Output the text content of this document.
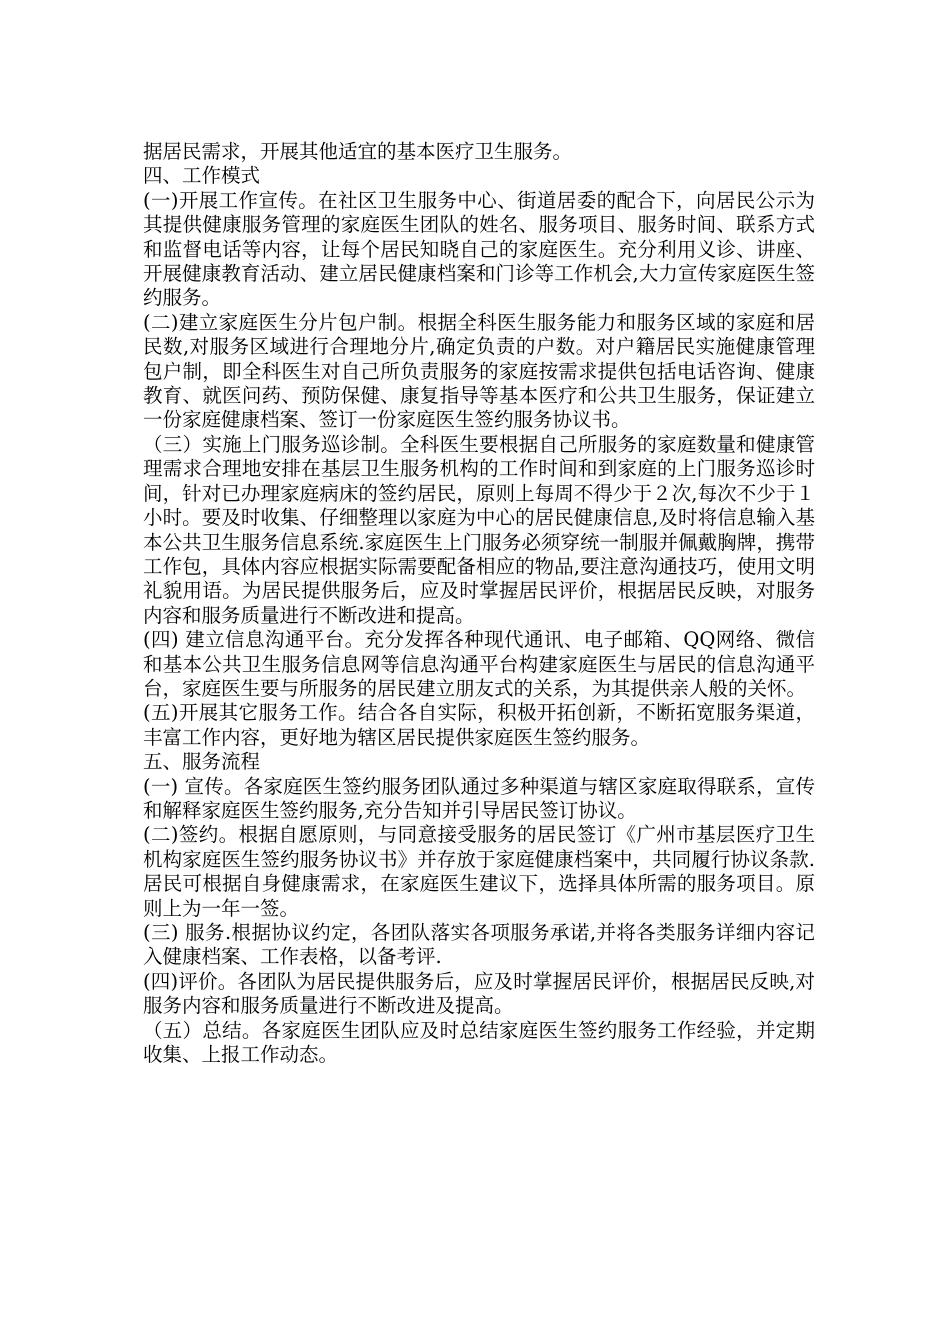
据居民需求，开展其他适宜的基本医疗卫生服务。

四、工作模式

(一)开展工作宣传。在社区卫生服务中心、街道居委的配合下，向居民公示为其提供健康服务管理的家庭医生团队的姓名、服务项目、服务时间、联系方式和监督电话等内容，让每个居民知晓自己的家庭医生。充分利用义诊、讲座、开展健康教育活动、建立居民健康档案和门诊等工作机会,大力宣传家庭医生签约服务。

(二)建立家庭医生分片包户制。根据全科医生服务能力和服务区域的家庭和居民数,对服务区域进行合理地分片,确定负责的户数。对户籍居民实施健康管理包户制，即全科医生对自己所负责服务的家庭按需求提供包括电话咨询、健康教育、就医问药、预防保健、康复指导等基本医疗和公共卫生服务，保证建立一份家庭健康档案、签订一份家庭医生签约服务协议书。

（三）实施上门服务巡诊制。全科医生要根据自己所服务的家庭数量和健康管理需求合理地安排在基层卫生服务机构的工作时间和到家庭的上门服务巡诊时间，针对已办理家庭病床的签约居民，原则上每周不得少于２次,每次不少于１小时。要及时收集、仔细整理以家庭为中心的居民健康信息,及时将信息输入基本公共卫生服务信息系统.家庭医生上门服务必须穿统一制服并佩戴胸牌，携带工作包，具体内容应根据实际需要配备相应的物品,要注意沟通技巧，使用文明礼貌用语。为居民提供服务后，应及时掌握居民评价，根据居民反映，对服务内容和服务质量进行不断改进和提高。

(四) 建立信息沟通平台。充分发挥各种现代通讯、电子邮箱、QQ网络、微信和基本公共卫生服务信息网等信息沟通平台构建家庭医生与居民的信息沟通平台，家庭医生要与所服务的居民建立朋友式的关系，为其提供亲人般的关怀。

(五)开展其它服务工作。结合各自实际，积极开拓创新，不断拓宽服务渠道，丰富工作内容，更好地为辖区居民提供家庭医生签约服务。

五、服务流程

(一) 宣传。各家庭医生签约服务团队通过多种渠道与辖区家庭取得联系，宣传和解释家庭医生签约服务,充分告知并引导居民签订协议。

(二)签约。根据自愿原则，与同意接受服务的居民签订《广州市基层医疗卫生机构家庭医生签约服务协议书》并存放于家庭健康档案中，共同履行协议条款.居民可根据自身健康需求，在家庭医生建议下，选择具体所需的服务项目。原则上为一年一签。

(三) 服务.根据协议约定，各团队落实各项服务承诺,并将各类服务详细内容记入健康档案、工作表格，以备考评.

(四)评价。各团队为居民提供服务后，应及时掌握居民评价，根据居民反映,对服务内容和服务质量进行不断改进及提高。

（五）总结。各家庭医生团队应及时总结家庭医生签约服务工作经验，并定期收集、上报工作动态。
